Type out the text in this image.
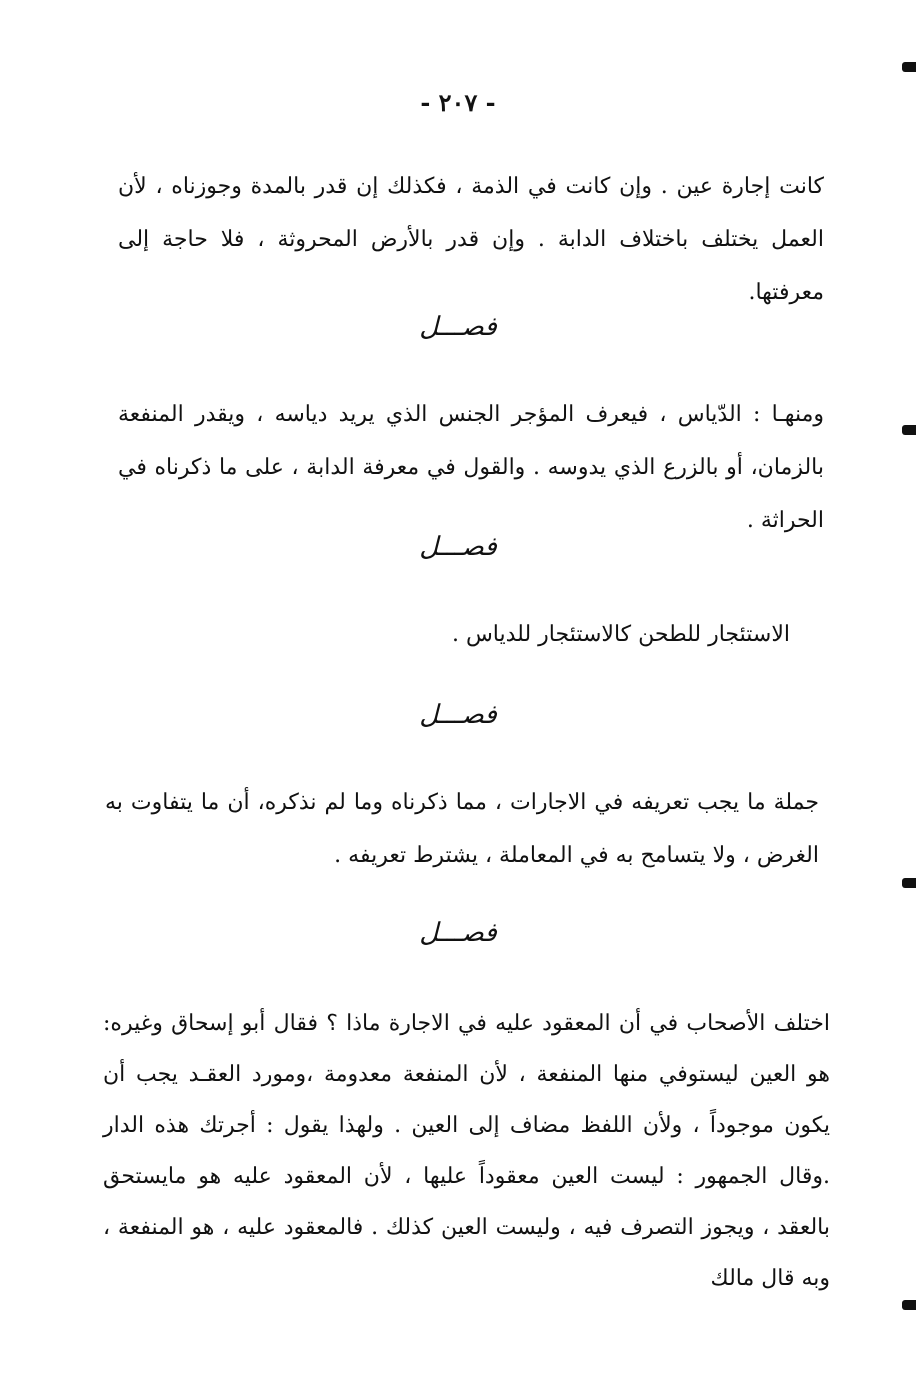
- ٢٠٧ -
كانت إجارة عين . وإن كانت في الذمة ، فكذلك إن قدر بالمدة وجوزناه ، لأن العمل يختلف باختلاف الدابة . وإن قدر بالأرض المحروثة ، فلا حاجة إلى معرفتها.
فصـــل
ومنهـا : الدّياس ، فيعرف المؤجر الجنس الذي يريد دياسه ، ويقدر المنفعة بالزمان، أو بالزرع الذي يدوسه . والقول في معرفة الدابة ، على ما ذكرناه في الحراثة .
فصـــل
الاستئجار للطحن كالاستئجار للدياس .
فصـــل
جملة ما يجب تعريفه في الاجارات ، مما ذكرناه وما لم نذكره، أن ما يتفاوت به الغرض ، ولا يتسامح به في المعاملة ، يشترط تعريفه .
فصـــل
اختلف الأصحاب في أن المعقود عليه في الاجارة ماذا ؟ فقال أبو إسحاق وغيره: هو العين ليستوفي منها المنفعة ، لأن المنفعة معدومة ،ومورد العقـد يجب أن يكون موجوداً ، ولأن اللفظ مضاف إلى العين . ولهذا يقول : أجرتك هذه الدار .وقال الجمهور : ليست العين معقوداً عليها ، لأن المعقود عليه هو مايستحق بالعقد ، ويجوز التصرف فيه ، وليست العين كذلك . فالمعقود عليه ، هو المنفعة ، وبه قال مالك
